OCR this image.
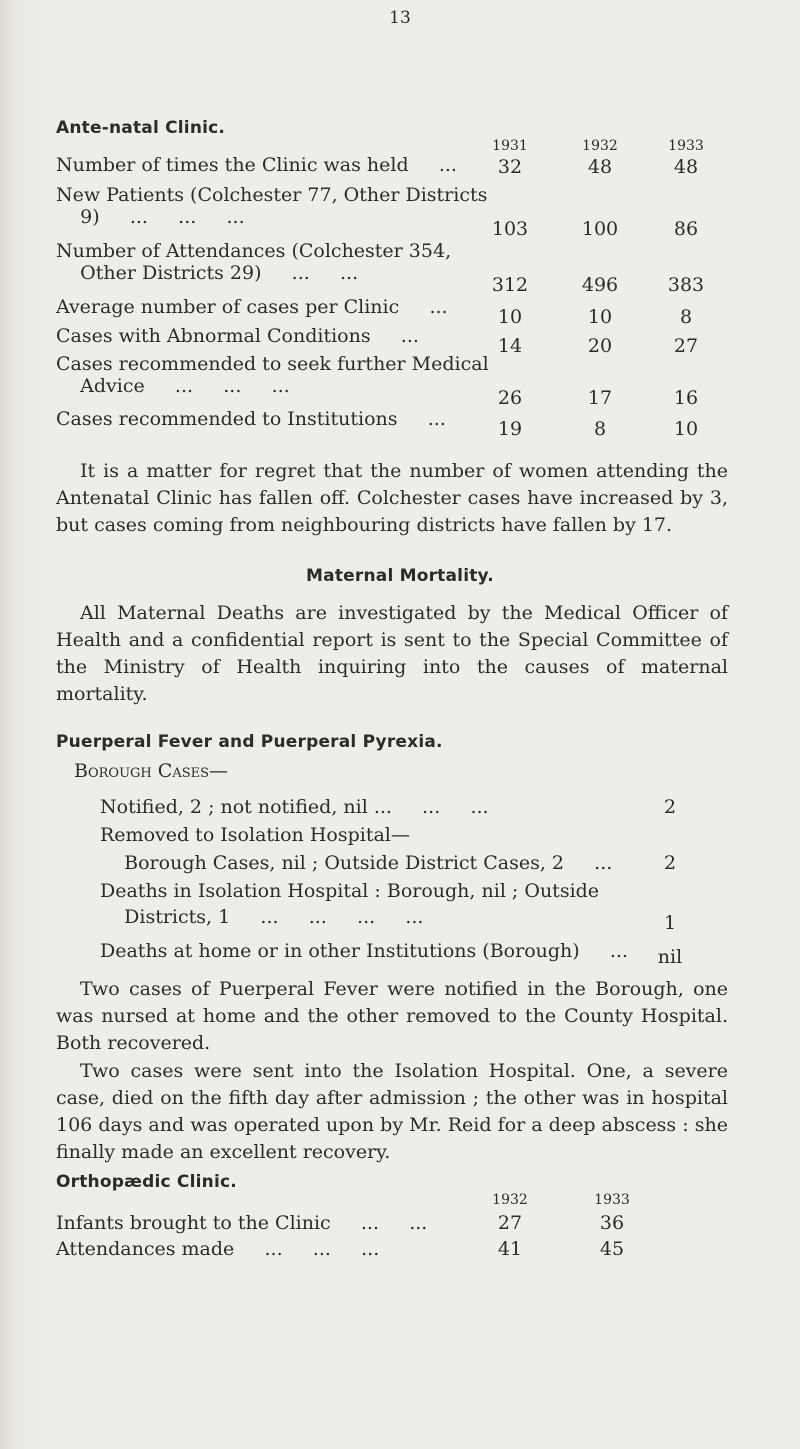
13
Ante-natal Clinic.
1931	1932	1933
Number of times the Clinic was held     ...	32	48	48
New Patients (Colchester 77, Other Districts
9)     ...     ...     ...
103	100	86
Number of Attendances (Colchester 354,
Other Districts 29)     ...     ...
312	496	383
Average number of cases per Clinic     ...	10	10	8
Cases with Abnormal Conditions     ...	14	20	27
Cases recommended to seek further Medical
Advice     ...     ...     ...
26	17	16
Cases recommended to Institutions     ...	19	8	10
It is a matter for regret that the number of women attending the Antenatal Clinic has fallen off. Colchester cases have increased by 3, but cases coming from neighbouring districts have fallen by 17.
Maternal Mortality.
All Maternal Deaths are investigated by the Medical Officer of Health and a confidential report is sent to the Special Committee of the Ministry of Health inquiring into the causes of maternal mortality.
Puerperal Fever and Puerperal Pyrexia.
Borough Cases—
Notified, 2 ; not notified, nil ...     ...     ...	2
Removed to Isolation Hospital—
Borough Cases, nil ; Outside District Cases, 2     ...	2
Deaths in Isolation Hospital : Borough, nil ; Outside
Districts, 1     ...     ...     ...     ...	1
Deaths at home or in other Institutions (Borough)     ...	nil
Two cases of Puerperal Fever were notified in the Borough, one was nursed at home and the other removed to the County Hospital. Both recovered.
Two cases were sent into the Isolation Hospital. One, a severe case, died on the fifth day after admission ; the other was in hospital 106 days and was operated upon by Mr. Reid for a deep abscess : she finally made an excellent recovery.
Orthopædic Clinic.
1932	1933
Infants brought to the Clinic     ...     ...	27	36
Attendances made     ...     ...     ...	41	45
